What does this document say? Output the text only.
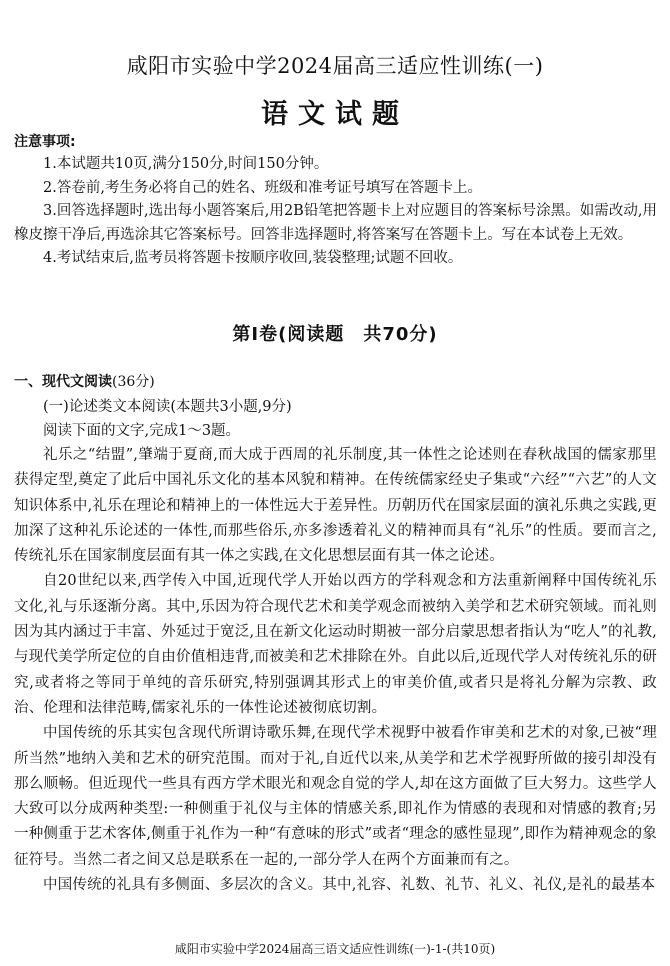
咸阳市实验中学2024届高三适应性训练(一)
语文试题
注意事项:

1.本试题共10页,满分150分,时间150分钟。

2.答卷前,考生务必将自己的姓名、班级和准考证号填写在答题卡上。

3.回答选择题时,选出每小题答案后,用2B铅笔把答题卡上对应题目的答案标号涂黑。如需改动,用橡皮擦干净后,再选涂其它答案标号。回答非选择题时,将答案写在答题卡上。写在本试卷上无效。

4.考试结束后,监考员将答题卡按顺序收回,装袋整理;试题不回收。

第Ⅰ卷(阅读题　共70分)
一、现代文阅读(36分)

(一)论述类文本阅读(本题共3小题,9分)

阅读下面的文字,完成1～3题。

礼乐之“结盟”,肇端于夏商,而大成于西周的礼乐制度,其一体性之论述则在春秋战国的儒家那里获得定型,奠定了此后中国礼乐文化的基本风貌和精神。在传统儒家经史子集或“六经”“六艺”的人文知识体系中,礼乐在理论和精神上的一体性远大于差异性。历朝历代在国家层面的演礼乐典之实践,更加深了这种礼乐论述的一体性,而那些俗乐,亦多渗透着礼义的精神而具有“礼乐”的性质。要而言之,传统礼乐在国家制度层面有其一体之实践,在文化思想层面有其一体之论述。

自20世纪以来,西学传入中国,近现代学人开始以西方的学科观念和方法重新阐释中国传统礼乐文化,礼与乐逐渐分离。其中,乐因为符合现代艺术和美学观念而被纳入美学和艺术研究领域。而礼则因为其内涵过于丰富、外延过于宽泛,且在新文化运动时期被一部分启蒙思想者指认为“吃人”的礼教,与现代美学所定位的自由价值相违背,而被美和艺术排除在外。自此以后,近现代学人对传统礼乐的研究,或者将之等同于单纯的音乐研究,特别强调其形式上的审美价值,或者只是将礼分解为宗教、政治、伦理和法律范畴,儒家礼乐的一体性论述被彻底切割。

中国传统的乐其实包含现代所谓诗歌乐舞,在现代学术视野中被看作审美和艺术的对象,已被“理所当然”地纳入美和艺术的研究范围。而对于礼,自近代以来,从美学和艺术学视野所做的接引却没有那么顺畅。但近现代一些具有西方学术眼光和观念自觉的学人,却在这方面做了巨大努力。这些学人大致可以分成两种类型:一种侧重于礼仪与主体的情感关系,即礼作为情感的表现和对情感的教育;另一种侧重于艺术客体,侧重于礼作为一种“有意味的形式”或者“理念的感性显现”,即作为精神观念的象征符号。当然二者之间又总是联系在一起的,一部分学人在两个方面兼而有之。

中国传统的礼具有多侧面、多层次的含义。其中,礼容、礼数、礼节、礼义、礼仪,是礼的最基本

咸阳市实验中学2024届高三语文适应性训练(一)-1-(共10页)
